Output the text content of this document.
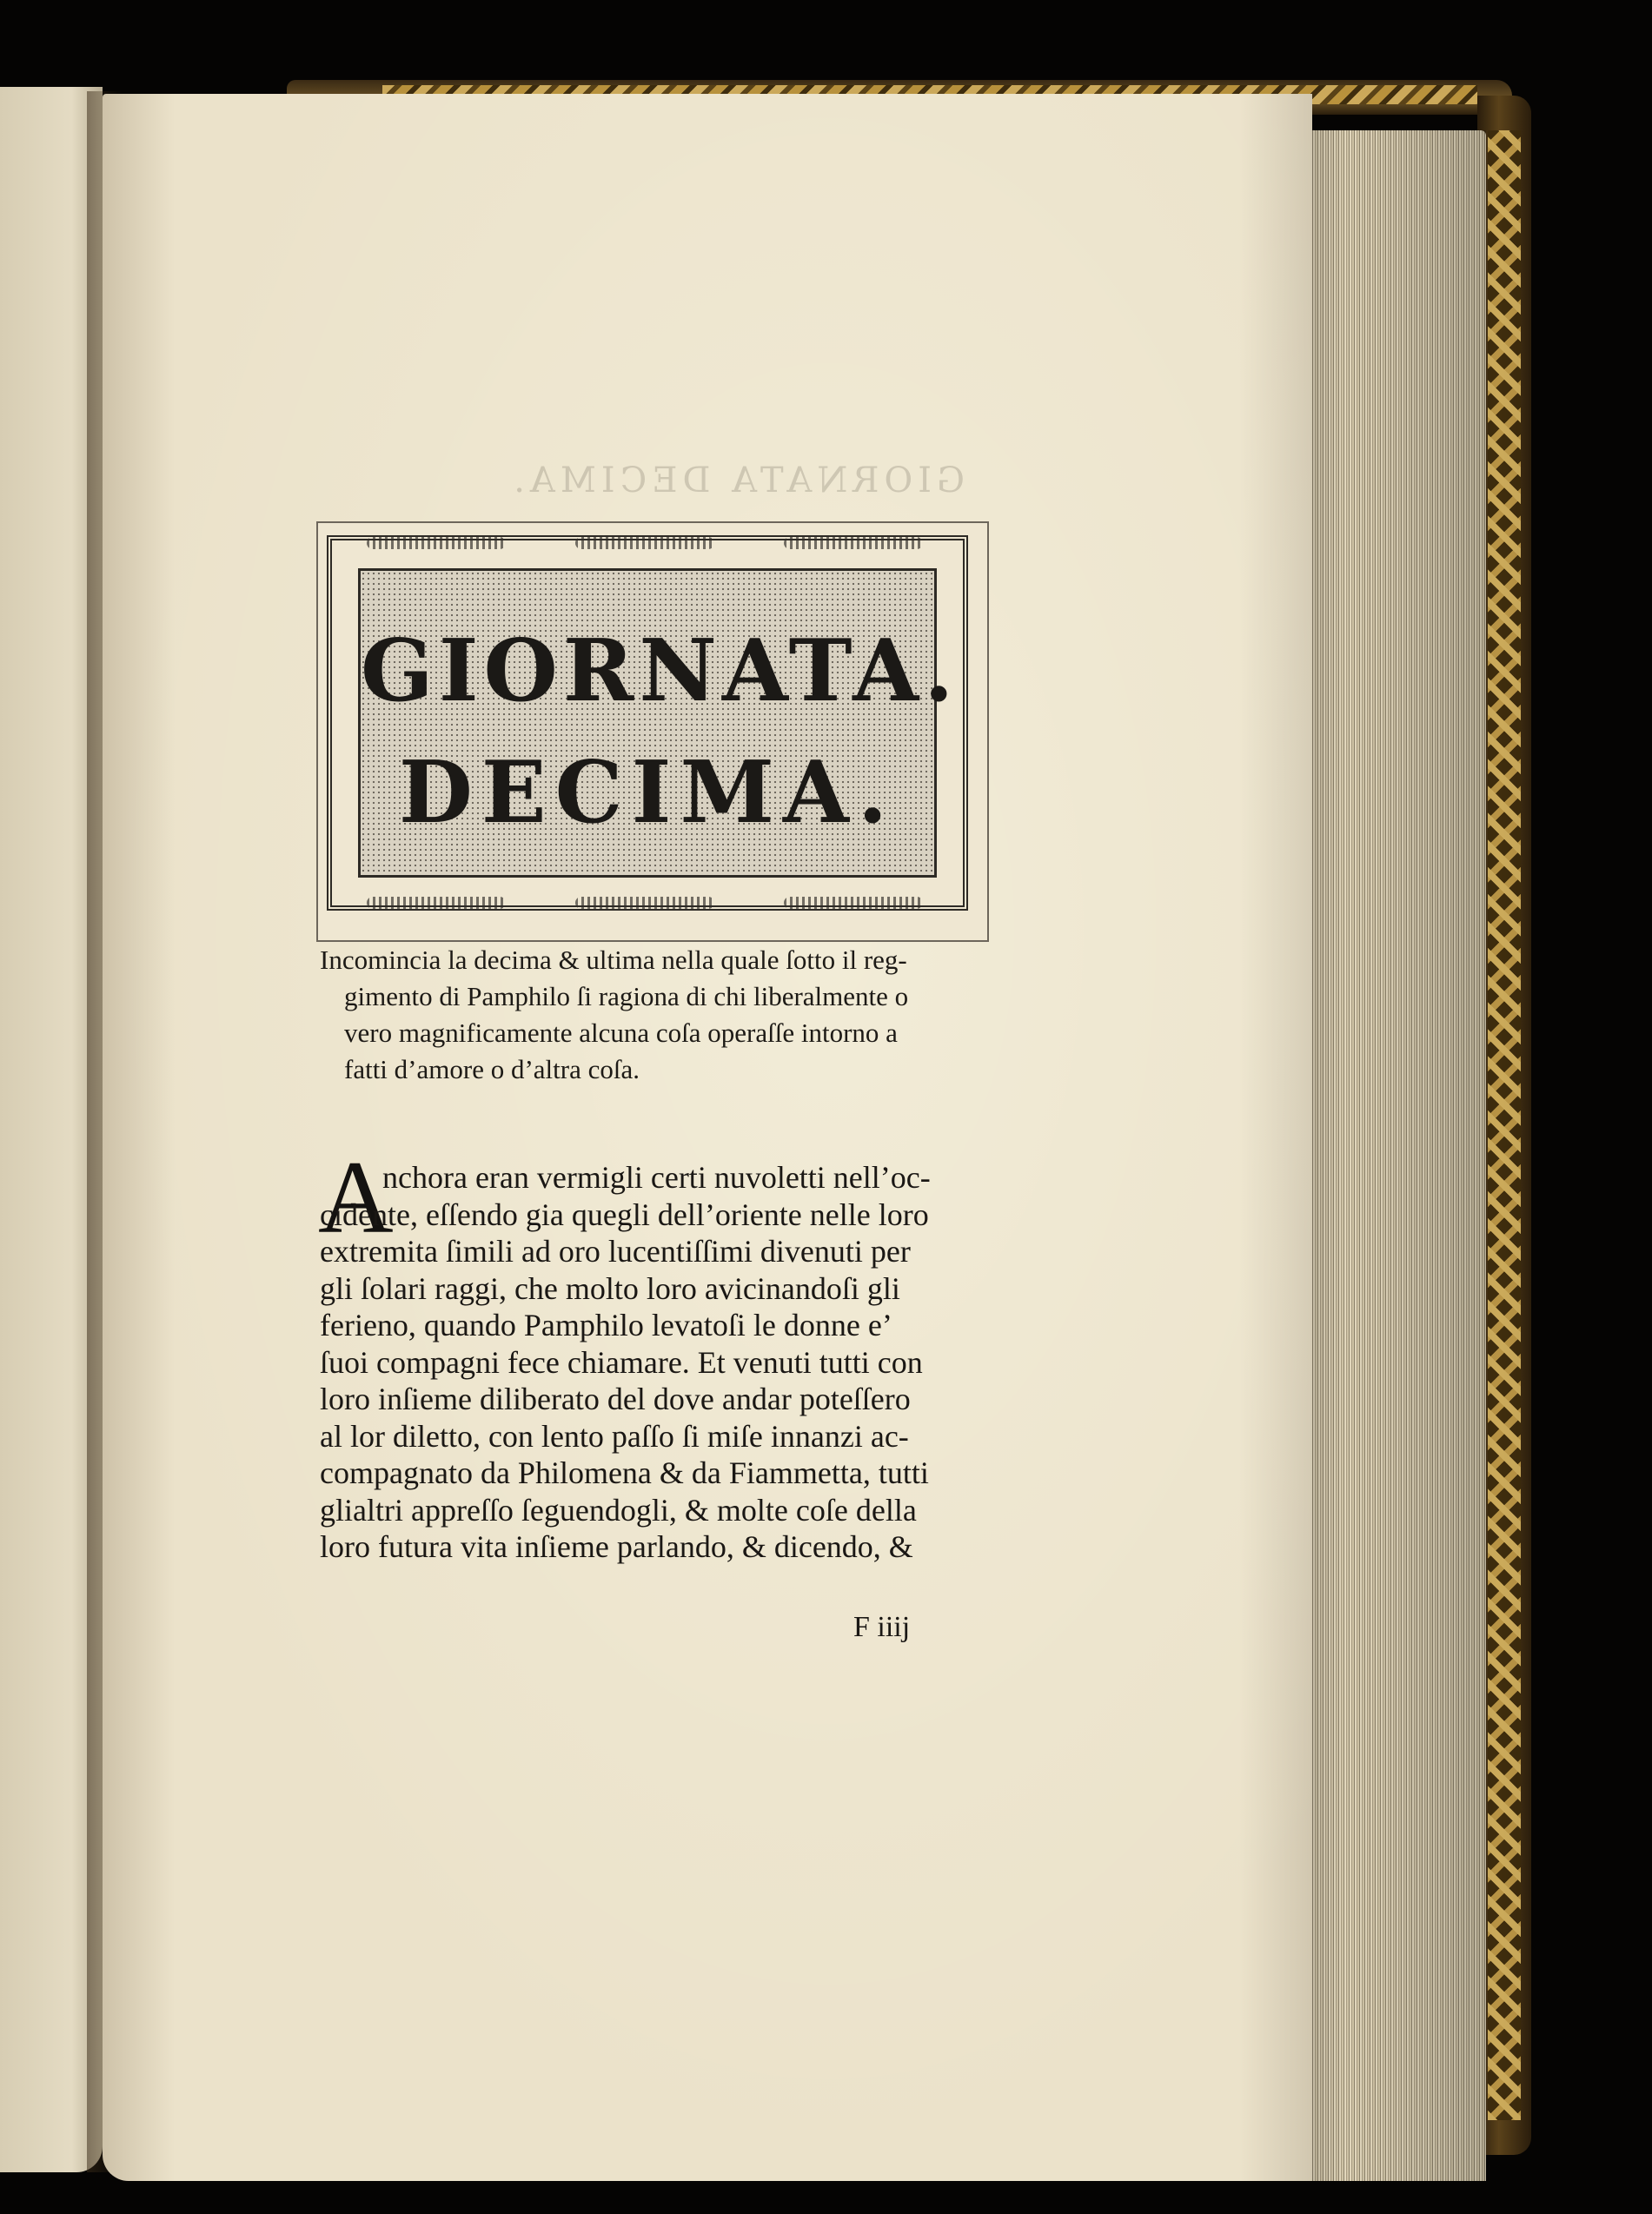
GIORNATA DECIMA.
GIORNATA.
DECIMA.
Incomincia la decima & ultima nella quale ſotto il reg-
gimento di Pamphilo ſi ragiona di chi liberalmente o
vero magnificamente alcuna coſa operaſſe intorno a
fatti d’amore o d’altra coſa.
A
nchora eran vermigli certi nuvoletti nell’oc-
cidente, eſſendo gia quegli dell’oriente nelle loro
extremita ſimili ad oro lucentiſſimi divenuti per
gli ſolari raggi, che molto loro avicinandoſi gli
ferieno, quando Pamphilo levatoſi le donne e’
ſuoi compagni fece chiamare. Et venuti tutti con
loro inſieme diliberato del dove andar poteſſero
al lor diletto, con lento paſſo ſi miſe innanzi ac-
compagnato da Philomena & da Fiammetta, tutti
glialtri appreſſo ſeguendogli, & molte coſe della
loro futura vita inſieme parlando, & dicendo, &
F iiij
